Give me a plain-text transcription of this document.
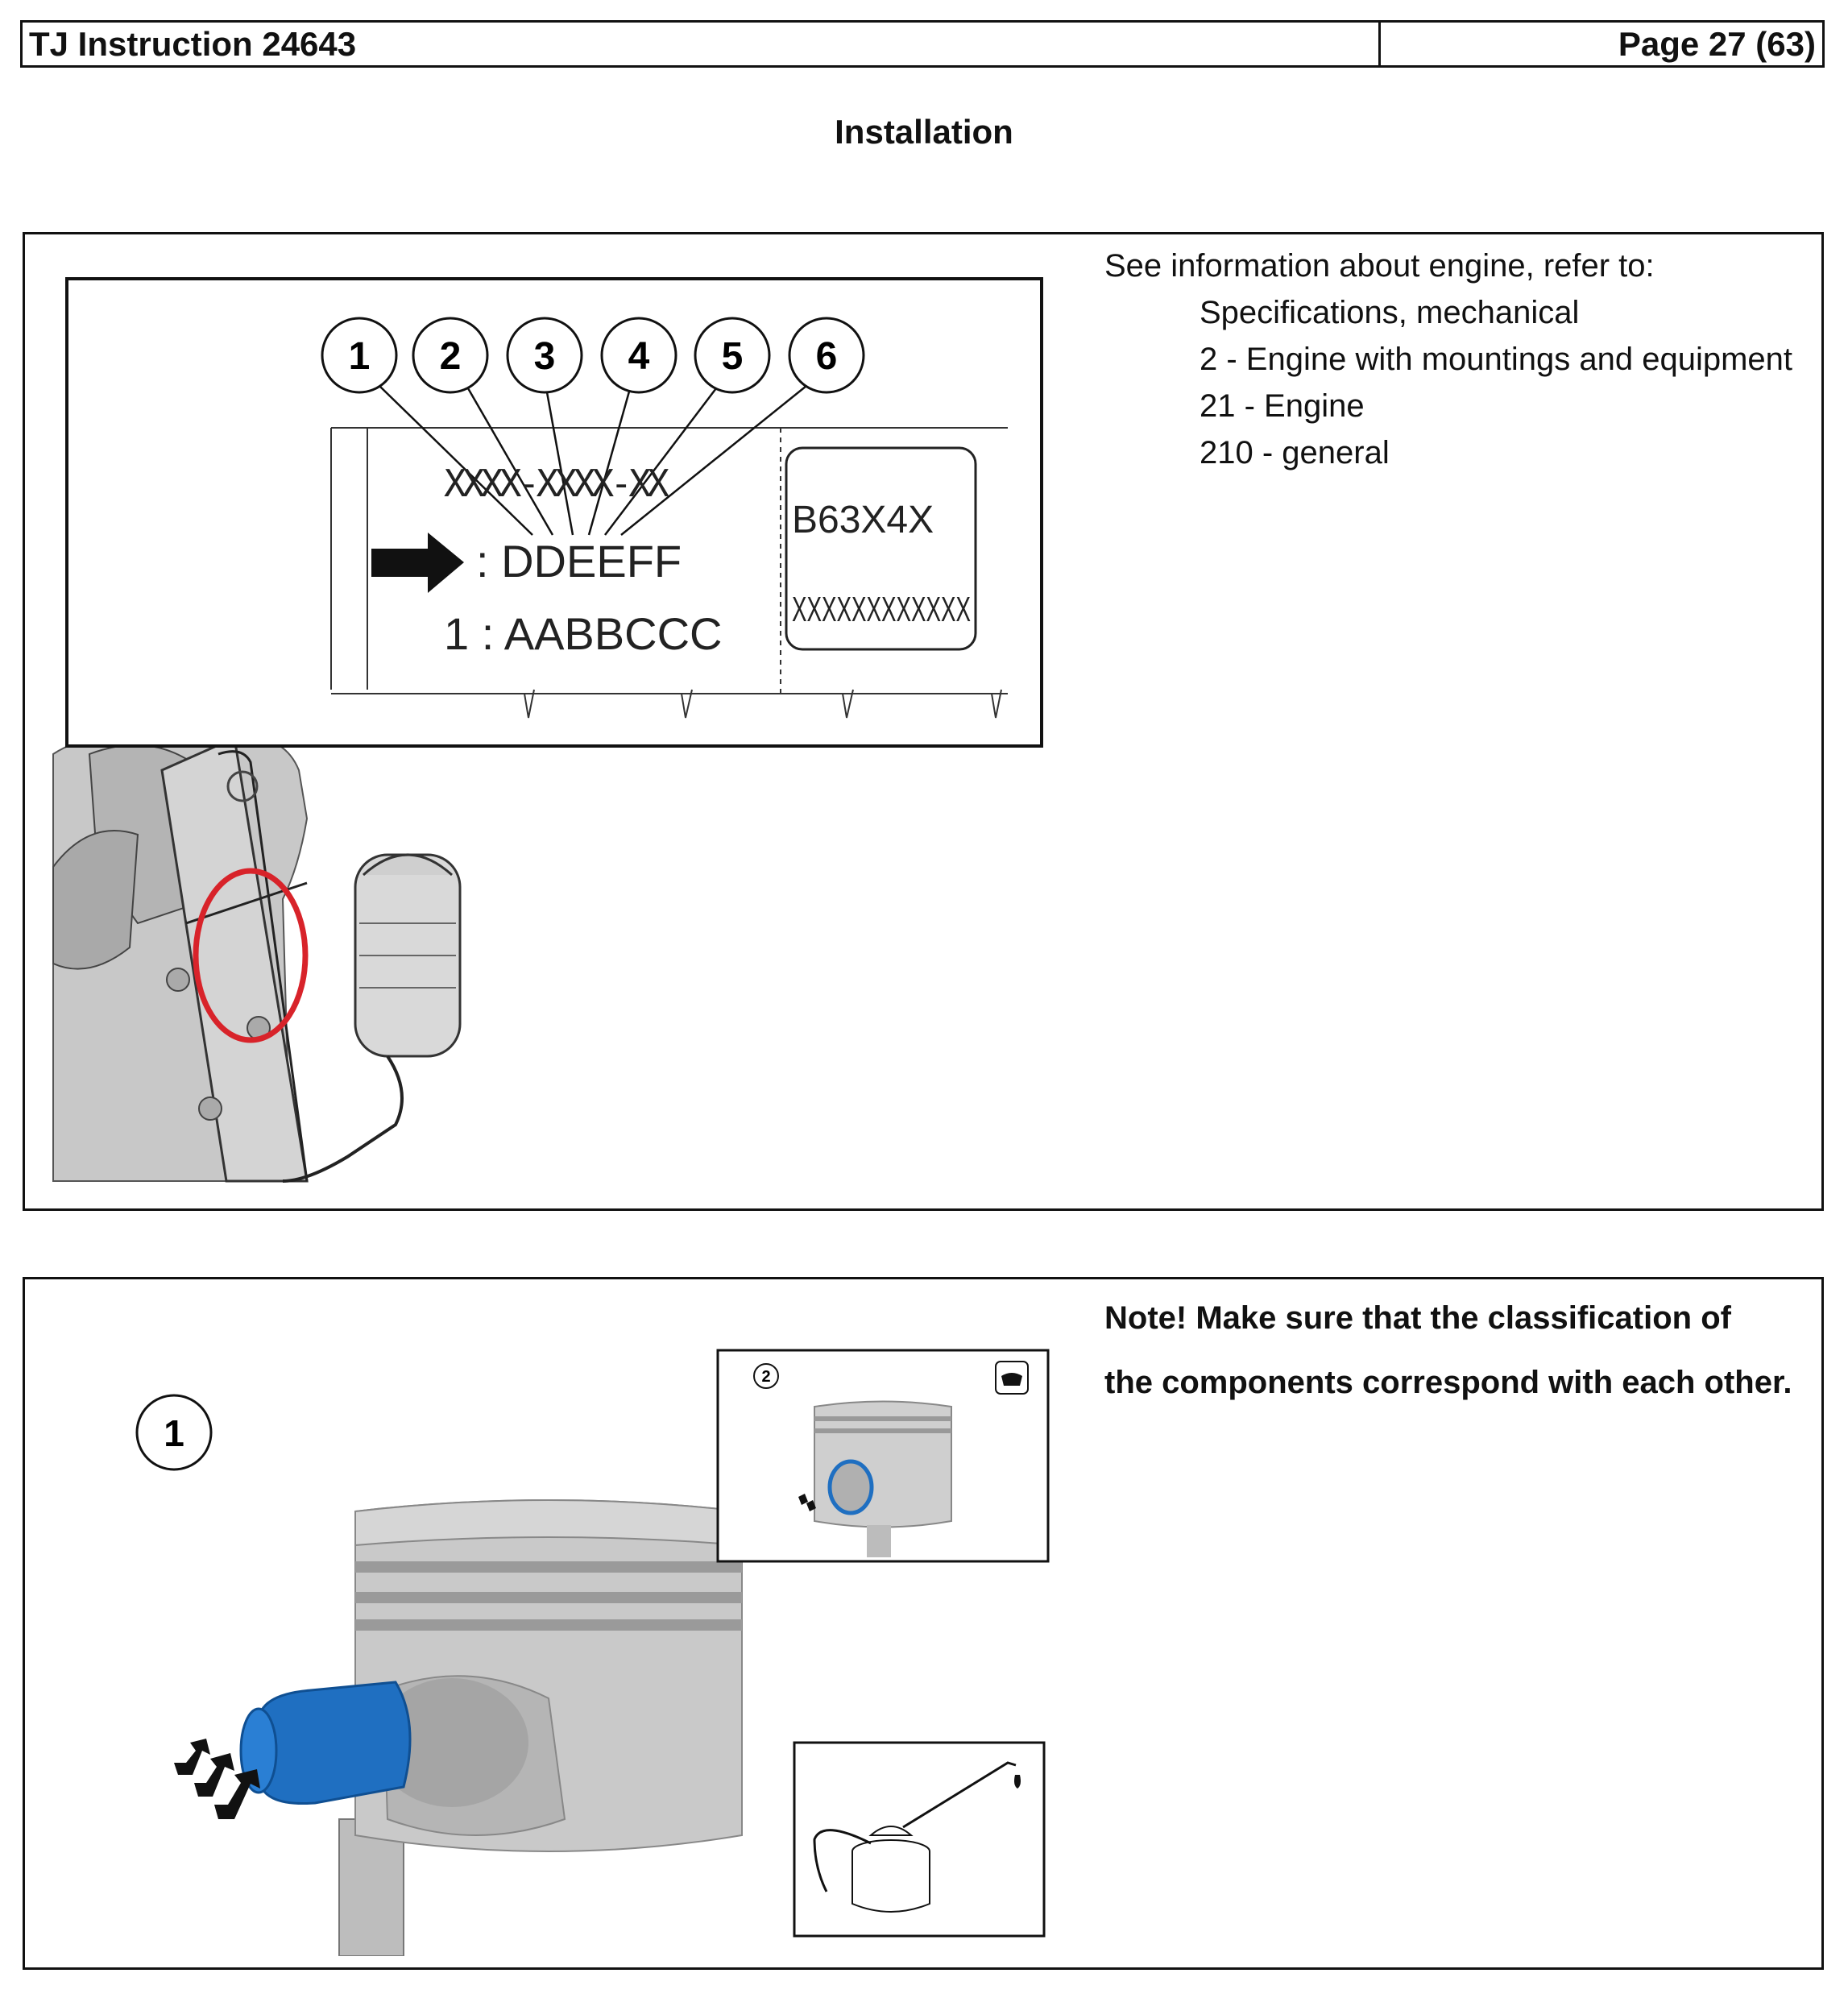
TJ Instruction 24643	Page 27 (63)
Installation
1 2 3 4 5 6
XXXX-XXXX-XX
: DDEEFF
1 : AABBCCC
B63X4X
XXXXXXXXXXXX
See information about engine, refer to:
Specifications, mechanical
2 - Engine with mountings and equipment
21 - Engine
210 - general
1
2
Note! Make sure that the classification of
the components correspond with each other.
